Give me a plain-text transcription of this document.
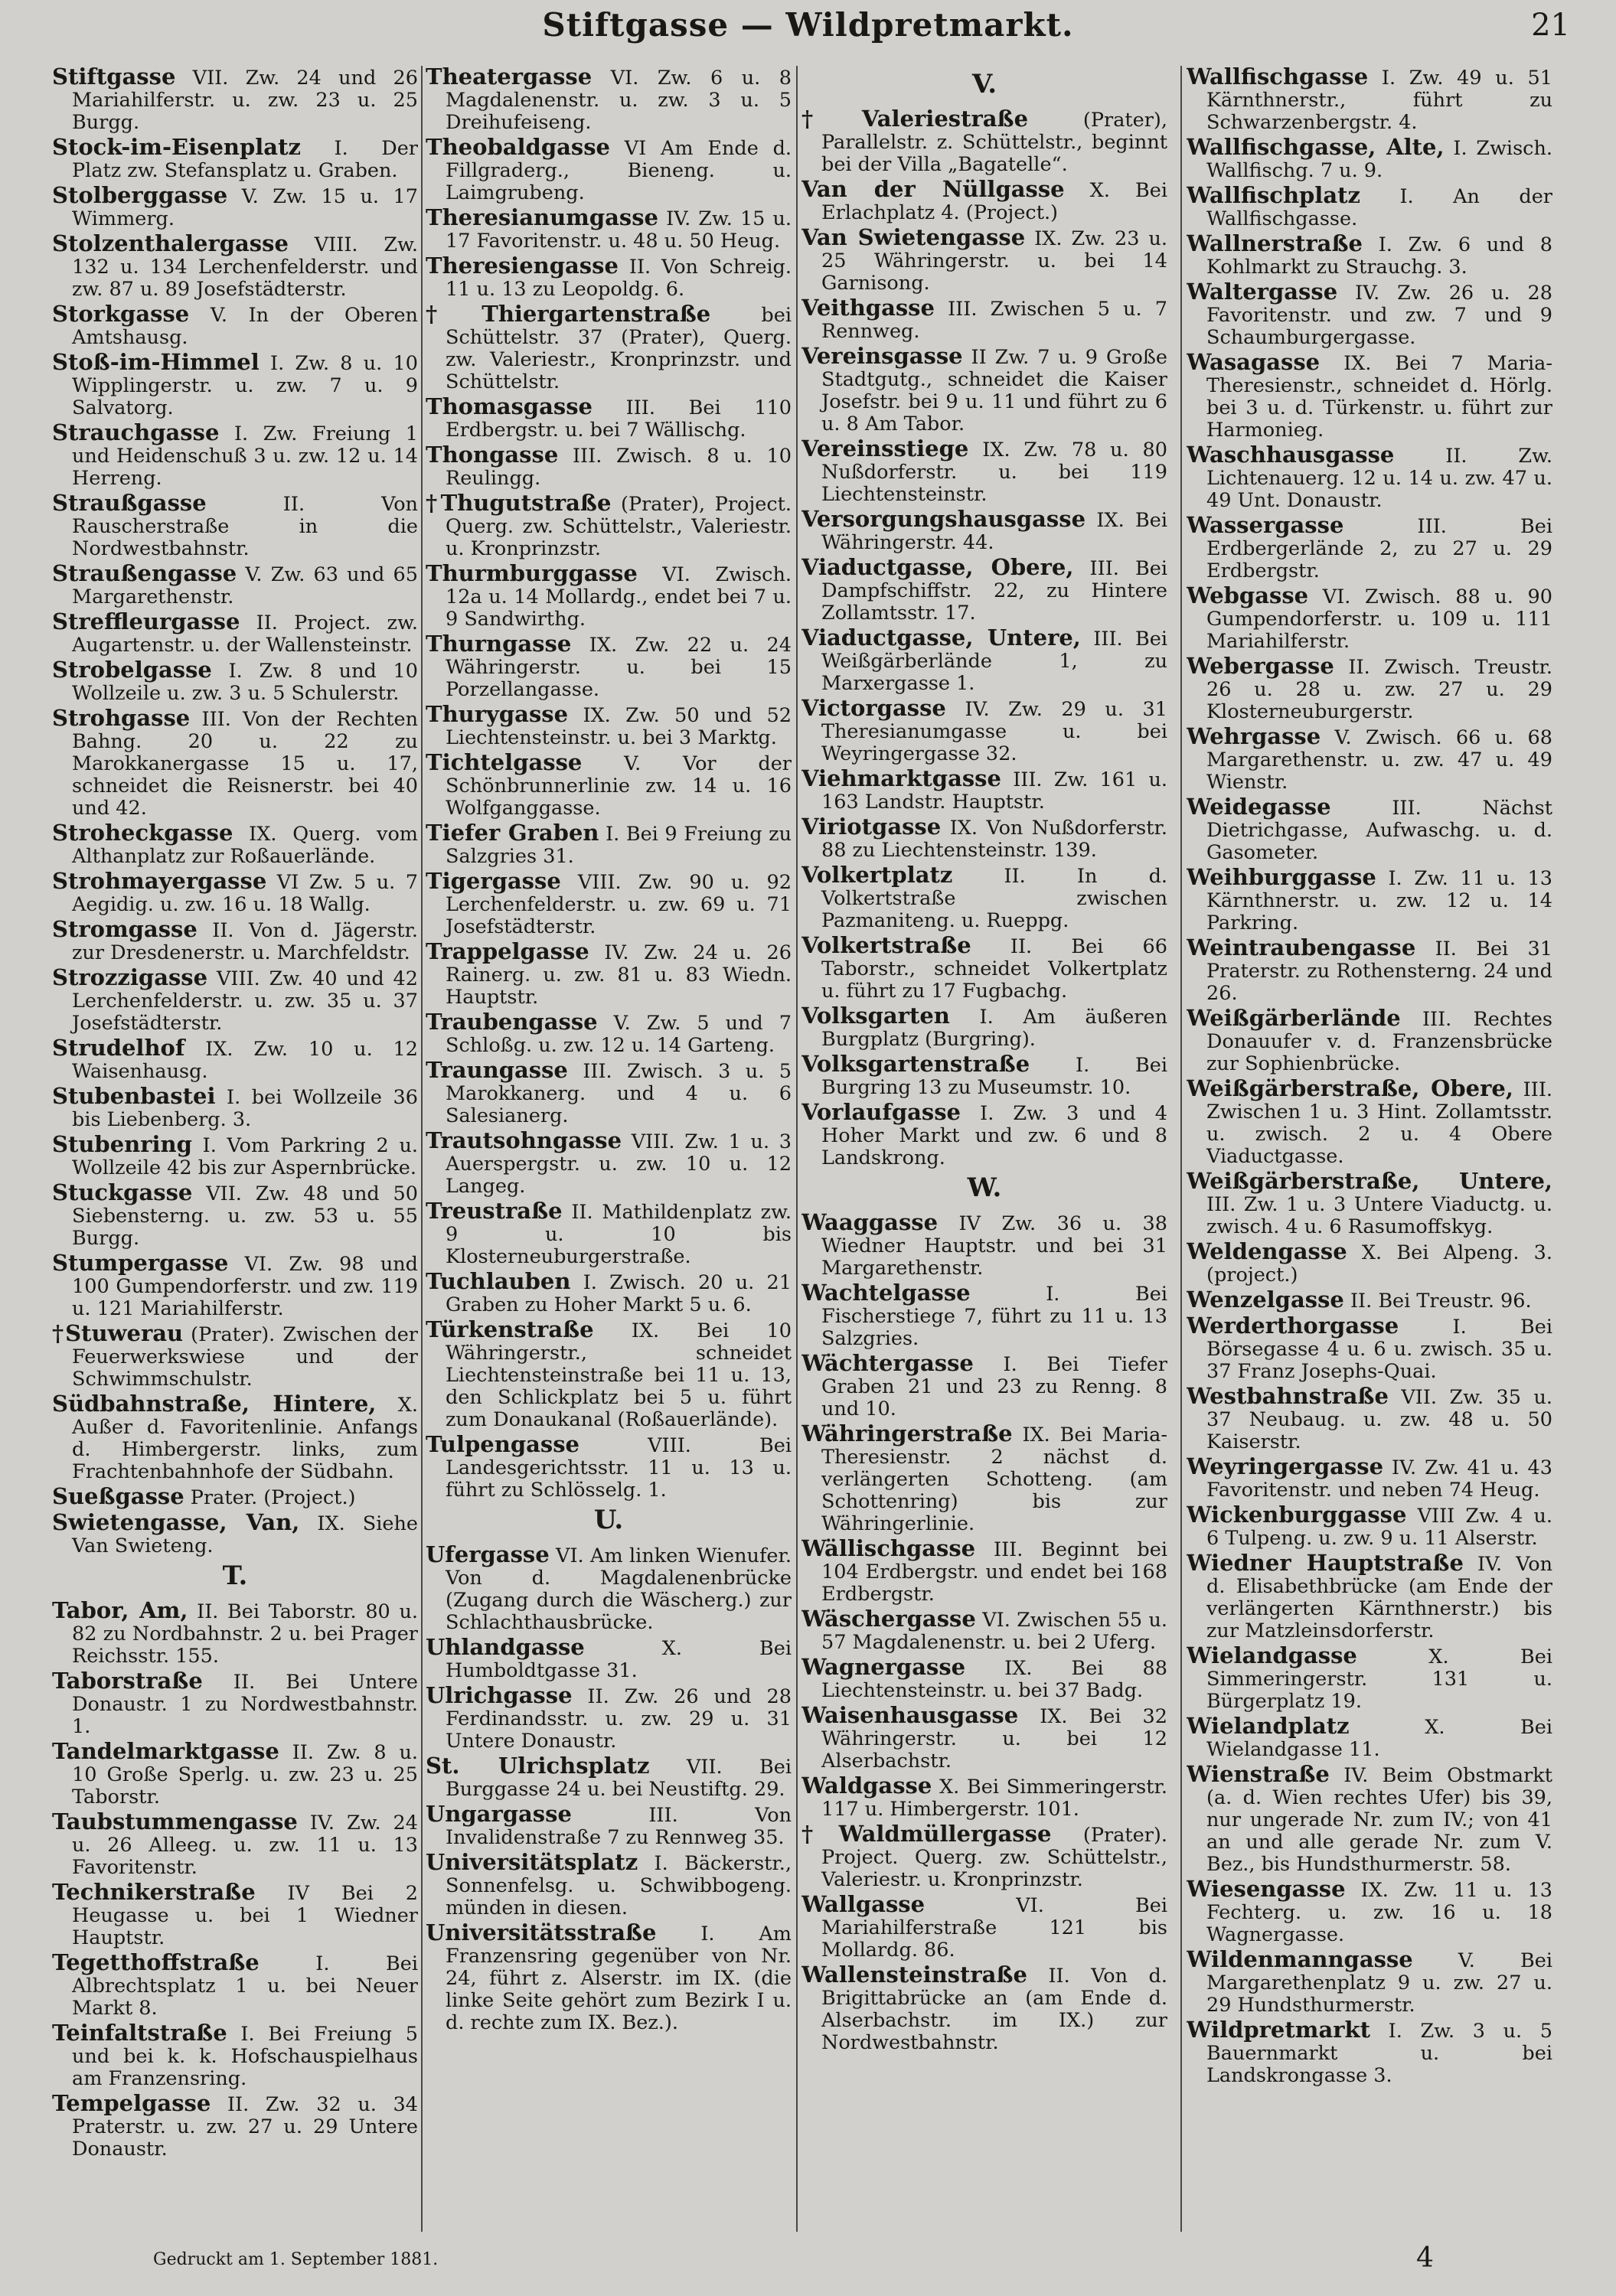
Stiftgasse — Wildpretmarkt.	21

Stiftgasse VII. Zw. 24 und 26 Mariahilferstr. u. zw. 23 u. 25 Burgg.

Stock-im-Eisenplatz I. Der Platz zw. Stefansplatz u. Graben.

Stolberggasse V. Zw. 15 u. 17 Wimmerg.

Stolzenthalergasse VIII. Zw. 132 u. 134 Lerchenfelderstr. und zw. 87 u. 89 Josefstädterstr.

Storkgasse V. In der Oberen Amtshausg.

Stoß-im-Himmel I. Zw. 8 u. 10 Wipplingerstr. u. zw. 7 u. 9 Salvatorg.

Strauchgasse I. Zw. Freiung 1 und Heidenschuß 3 u. zw. 12 u. 14 Herreng.

Straußgasse II. Von Rauscherstraße in die Nordwestbahnstr.

Straußengasse V. Zw. 63 und 65 Margarethenstr.

Streffleurgasse II. Project. zw. Augartenstr. u. der Wallensteinstr.

Strobelgasse I. Zw. 8 und 10 Wollzeile u. zw. 3 u. 5 Schulerstr.

Strohgasse III. Von der Rechten Bahng. 20 u. 22 zu Marokkanergasse 15 u. 17, schneidet die Reisnerstr. bei 40 und 42.

Stroheckgasse IX. Querg. vom Althanplatz zur Roßauerlände.

Strohmayergasse VI Zw. 5 u. 7 Aegidig. u. zw. 16 u. 18 Wallg.

Stromgasse II. Von d. Jägerstr. zur Dresdenerstr. u. Marchfeldstr.

Strozzigasse VIII. Zw. 40 und 42 Lerchenfelderstr. u. zw. 35 u. 37 Josefstädterstr.

Strudelhof IX. Zw. 10 u. 12 Waisenhausg.

Stubenbastei I. bei Wollzeile 36 bis Liebenberg. 3.

Stubenring I. Vom Parkring 2 u. Wollzeile 42 bis zur Aspernbrücke.

Stuckgasse VII. Zw. 48 und 50 Siebensterng. u. zw. 53 u. 55 Burgg.

Stumpergasse VI. Zw. 98 und 100 Gumpendorferstr. und zw. 119 u. 121 Mariahilferstr.

†Stuwerau (Prater). Zwischen der Feuerwerkswiese und der Schwimmschulstr.

Südbahnstraße, Hintere, X. Außer d. Favoritenlinie. Anfangs d. Himbergerstr. links, zum Frachtenbahnhofe der Südbahn.

Sueßgasse Prater. (Project.)

Swietengasse, Van, IX. Siehe Van Swieteng.

T.

Tabor, Am, II. Bei Taborstr. 80 u. 82 zu Nordbahnstr. 2 u. bei Prager Reichsstr. 155.

Taborstraße II. Bei Untere Donaustr. 1 zu Nordwestbahnstr. 1.

Tandelmarktgasse II. Zw. 8 u. 10 Große Sperlg. u. zw. 23 u. 25 Taborstr.

Taubstummengasse IV. Zw. 24 u. 26 Alleeg. u. zw. 11 u. 13 Favoritenstr.

Technikerstraße IV Bei 2 Heugasse u. bei 1 Wiedner Hauptstr.

Tegetthoffstraße I. Bei Albrechtsplatz 1 u. bei Neuer Markt 8.

Teinfaltstraße I. Bei Freiung 5 und bei k. k. Hofschauspielhaus am Franzensring.

Tempelgasse II. Zw. 32 u. 34 Praterstr. u. zw. 27 u. 29 Untere Donaustr.

Theatergasse VI. Zw. 6 u. 8 Magdalenenstr. u. zw. 3 u. 5 Dreihufeiseng.

Theobaldgasse VI Am Ende d. Fillgraderg., Bieneng. u. Laimgrubeng.

Theresianumgasse IV. Zw. 15 u. 17 Favoritenstr. u. 48 u. 50 Heug.

Theresiengasse II. Von Schreig. 11 u. 13 zu Leopoldg. 6.

†Thiergartenstraße bei Schüttelstr. 37 (Prater), Querg. zw. Valeriestr., Kronprinzstr. und Schüttelstr.

Thomasgasse III. Bei 110 Erdbergstr. u. bei 7 Wällischg.

Thongasse III. Zwisch. 8 u. 10 Reulingg.

†Thugutstraße (Prater), Project. Querg. zw. Schüttelstr., Valeriestr. u. Kronprinzstr.

Thurmburggasse VI. Zwisch. 12a u. 14 Mollardg., endet bei 7 u. 9 Sandwirthg.

Thurngasse IX. Zw. 22 u. 24 Währingerstr. u. bei 15 Porzellangasse.

Thurygasse IX. Zw. 50 und 52 Liechtensteinstr. u. bei 3 Marktg.

Tichtelgasse V. Vor der Schönbrunnerlinie zw. 14 u. 16 Wolfganggasse.

Tiefer Graben I. Bei 9 Freiung zu Salzgries 31.

Tigergasse VIII. Zw. 90 u. 92 Lerchenfelderstr. u. zw. 69 u. 71 Josefstädterstr.

Trappelgasse IV. Zw. 24 u. 26 Rainerg. u. zw. 81 u. 83 Wiedn. Hauptstr.

Traubengasse V. Zw. 5 und 7 Schloßg. u. zw. 12 u. 14 Garteng.

Traungasse III. Zwisch. 3 u. 5 Marokkanerg. und 4 u. 6 Salesianerg.

Trautsohngasse VIII. Zw. 1 u. 3 Auerspergstr. u. zw. 10 u. 12 Langeg.

Treustraße II. Mathildenplatz zw. 9 u. 10 bis Klosterneuburgerstraße.

Tuchlauben I. Zwisch. 20 u. 21 Graben zu Hoher Markt 5 u. 6.

Türkenstraße IX. Bei 10 Währingerstr., schneidet Liechtensteinstraße bei 11 u. 13, den Schlickplatz bei 5 u. führt zum Donaukanal (Roßauerlände).

Tulpengasse VIII. Bei Landesgerichtsstr. 11 u. 13 u. führt zu Schlösselg. 1.

U.

Ufergasse VI. Am linken Wienufer. Von d. Magdalenenbrücke (Zugang durch die Wäscherg.) zur Schlachthausbrücke.

Uhlandgasse X. Bei Humboldtgasse 31.

Ulrichgasse II. Zw. 26 und 28 Ferdinandsstr. u. zw. 29 u. 31 Untere Donaustr.

St. Ulrichsplatz VII. Bei Burggasse 24 u. bei Neustiftg. 29.

Ungargasse III. Von Invalidenstraße 7 zu Rennweg 35.

Universitätsplatz I. Bäckerstr., Sonnenfelsg. u. Schwibbogeng. münden in diesen.

Universitätsstraße I. Am Franzensring gegenüber von Nr. 24, führt z. Alserstr. im IX. (die linke Seite gehört zum Bezirk I u. d. rechte zum IX. Bez.).

V.

†Valeriestraße (Prater), Parallelstr. z. Schüttelstr., beginnt bei der Villa „Bagatelle“.

Van der Nüllgasse X. Bei Erlachplatz 4. (Project.)

Van Swietengasse IX. Zw. 23 u. 25 Währingerstr. u. bei 14 Garnisong.

Veithgasse III. Zwischen 5 u. 7 Rennweg.

Vereinsgasse II Zw. 7 u. 9 Große Stadtgutg., schneidet die Kaiser Josefstr. bei 9 u. 11 und führt zu 6 u. 8 Am Tabor.

Vereinsstiege IX. Zw. 78 u. 80 Nußdorferstr. u. bei 119 Liechtensteinstr.

Versorgungshausgasse IX. Bei Währingerstr. 44.

Viaductgasse, Obere, III. Bei Dampfschiffstr. 22, zu Hintere Zollamtsstr. 17.

Viaductgasse, Untere, III. Bei Weißgärberlände 1, zu Marxergasse 1.

Victorgasse IV. Zw. 29 u. 31 Theresianumgasse u. bei Weyringergasse 32.

Viehmarktgasse III. Zw. 161 u. 163 Landstr. Hauptstr.

Viriotgasse IX. Von Nußdorferstr. 88 zu Liechtensteinstr. 139.

Volkertplatz II. In d. Volkertstraße zwischen Pazmaniteng. u. Rueppg.

Volkertstraße II. Bei 66 Taborstr., schneidet Volkertplatz u. führt zu 17 Fugbachg.

Volksgarten I. Am äußeren Burgplatz (Burgring).

Volksgartenstraße I. Bei Burgring 13 zu Museumstr. 10.

Vorlaufgasse I. Zw. 3 und 4 Hoher Markt und zw. 6 und 8 Landskrong.

W.

Waaggasse IV Zw. 36 u. 38 Wiedner Hauptstr. und bei 31 Margarethenstr.

Wachtelgasse I. Bei Fischerstiege 7, führt zu 11 u. 13 Salzgries.

Wächtergasse I. Bei Tiefer Graben 21 und 23 zu Renng. 8 und 10.

Währingerstraße IX. Bei Maria-Theresienstr. 2 nächst d. verlängerten Schotteng. (am Schottenring) bis zur Währingerlinie.

Wällischgasse III. Beginnt bei 104 Erdbergstr. und endet bei 168 Erdbergstr.

Wäschergasse VI. Zwischen 55 u. 57 Magdalenenstr. u. bei 2 Uferg.

Wagnergasse IX. Bei 88 Liechtensteinstr. u. bei 37 Badg.

Waisenhausgasse IX. Bei 32 Währingerstr. u. bei 12 Alserbachstr.

Waldgasse X. Bei Simmeringerstr. 117 u. Himbergerstr. 101.

†Waldmüllergasse (Prater). Project. Querg. zw. Schüttelstr., Valeriestr. u. Kronprinzstr.

Wallgasse VI. Bei Mariahilferstraße 121 bis Mollardg. 86.

Wallensteinstraße II. Von d. Brigittabrücke an (am Ende d. Alserbachstr. im IX.) zur Nordwestbahnstr.

Wallfischgasse I. Zw. 49 u. 51 Kärnthnerstr., führt zu Schwarzenbergstr. 4.

Wallfischgasse, Alte, I. Zwisch. Wallfischg. 7 u. 9.

Wallfischplatz I. An der Wallfischgasse.

Wallnerstraße I. Zw. 6 und 8 Kohlmarkt zu Strauchg. 3.

Waltergasse IV. Zw. 26 u. 28 Favoritenstr. und zw. 7 und 9 Schaumburgergasse.

Wasagasse IX. Bei 7 Maria-Theresienstr., schneidet d. Hörlg. bei 3 u. d. Türkenstr. u. führt zur Harmonieg.

Waschhausgasse II. Zw. Lichtenauerg. 12 u. 14 u. zw. 47 u. 49 Unt. Donaustr.

Wassergasse III. Bei Erdbergerlände 2, zu 27 u. 29 Erdbergstr.

Webgasse VI. Zwisch. 88 u. 90 Gumpendorferstr. u. 109 u. 111 Mariahilferstr.

Webergasse II. Zwisch. Treustr. 26 u. 28 u. zw. 27 u. 29 Klosterneuburgerstr.

Wehrgasse V. Zwisch. 66 u. 68 Margarethenstr. u. zw. 47 u. 49 Wienstr.

Weidegasse III. Nächst Dietrichgasse, Aufwaschg. u. d. Gasometer.

Weihburggasse I. Zw. 11 u. 13 Kärnthnerstr. u. zw. 12 u. 14 Parkring.

Weintraubengasse II. Bei 31 Praterstr. zu Rothensterng. 24 und 26.

Weißgärberlände III. Rechtes Donauufer v. d. Franzensbrücke zur Sophienbrücke.

Weißgärberstraße, Obere, III. Zwischen 1 u. 3 Hint. Zollamtsstr. u. zwisch. 2 u. 4 Obere Viaductgasse.

Weißgärberstraße, Untere, III. Zw. 1 u. 3 Untere Viaductg. u. zwisch. 4 u. 6 Rasumoffskyg.

Weldengasse X. Bei Alpeng. 3. (project.)

Wenzelgasse II. Bei Treustr. 96.

Werderthorgasse I. Bei Börsegasse 4 u. 6 u. zwisch. 35 u. 37 Franz Josephs-Quai.

Westbahnstraße VII. Zw. 35 u. 37 Neubaug. u. zw. 48 u. 50 Kaiserstr.

Weyringergasse IV. Zw. 41 u. 43 Favoritenstr. und neben 74 Heug.

Wickenburggasse VIII Zw. 4 u. 6 Tulpeng. u. zw. 9 u. 11 Alserstr.

Wiedner Hauptstraße IV. Von d. Elisabethbrücke (am Ende der verlängerten Kärnthnerstr.) bis zur Matzleinsdorferstr.

Wielandgasse X. Bei Simmeringerstr. 131 u. Bürgerplatz 19.

Wielandplatz X. Bei Wielandgasse 11.

Wienstraße IV. Beim Obstmarkt (a. d. Wien rechtes Ufer) bis 39, nur ungerade Nr. zum IV.; von 41 an und alle gerade Nr. zum V. Bez., bis Hundsthurmerstr. 58.

Wiesengasse IX. Zw. 11 u. 13 Fechterg. u. zw. 16 u. 18 Wagnergasse.

Wildenmanngasse V. Bei Margarethenplatz 9 u. zw. 27 u. 29 Hundsthurmerstr.

Wildpretmarkt I. Zw. 3 u. 5 Bauernmarkt u. bei Landskrongasse 3.

Gedruckt am 1. September 1881.	4
